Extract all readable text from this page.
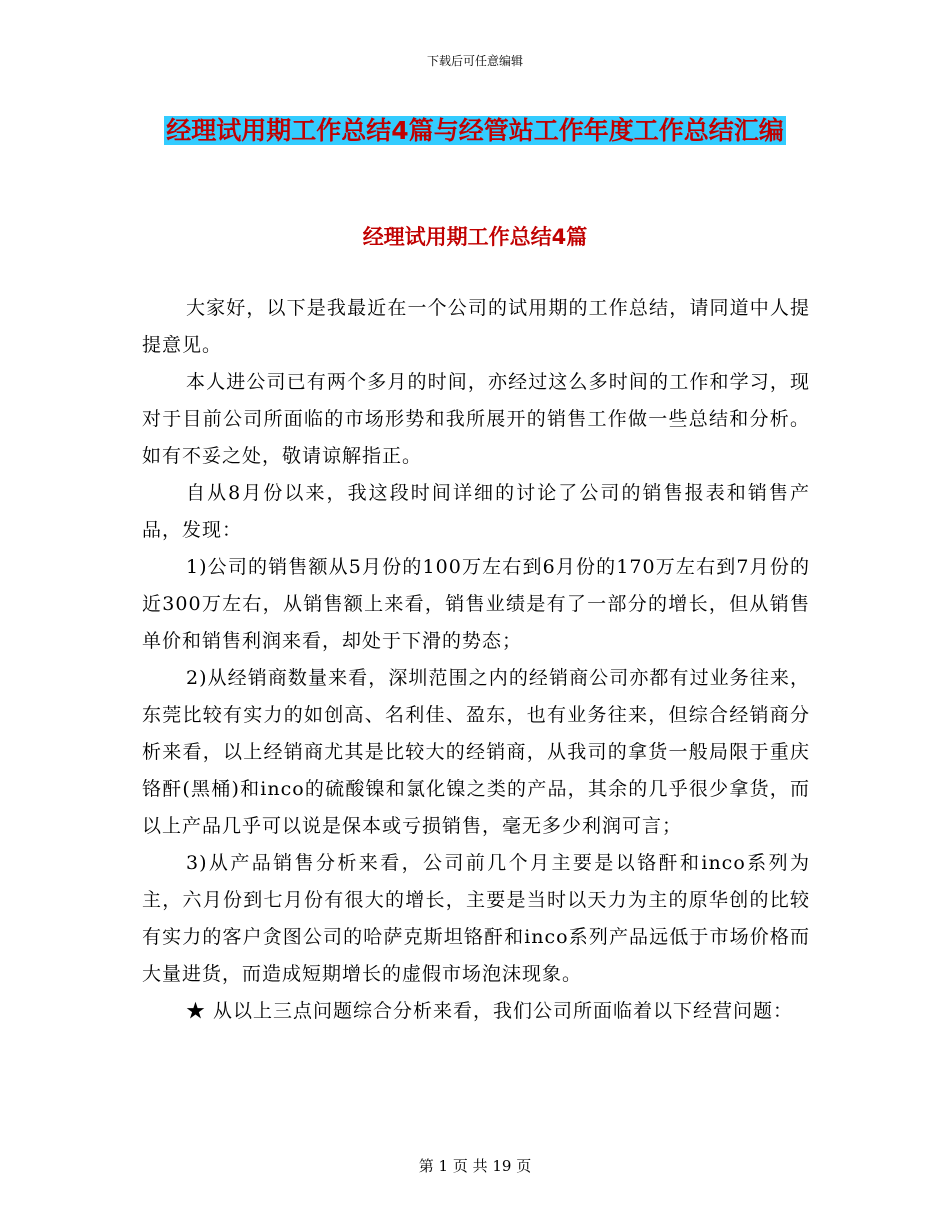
下载后可任意编辑

经理试用期工作总结4篇与经管站工作年度工作总结汇编
经理试用期工作总结4篇

大家好，以下是我最近在一个公司的试用期的工作总结，请同道中人提提意见。

本人进公司已有两个多月的时间，亦经过这么多时间的工作和学习，现对于目前公司所面临的市场形势和我所展开的销售工作做一些总结和分析。如有不妥之处，敬请谅解指正。

自从8月份以来，我这段时间详细的讨论了公司的销售报表和销售产品，发现：

1)公司的销售额从5月份的100万左右到6月份的170万左右到7月份的近300万左右，从销售额上来看，销售业绩是有了一部分的增长，但从销售单价和销售利润来看，却处于下滑的势态；

2)从经销商数量来看，深圳范围之内的经销商公司亦都有过业务往来，东莞比较有实力的如创高、名利佳、盈东，也有业务往来，但综合经销商分析来看，以上经销商尤其是比较大的经销商，从我司的拿货一般局限于重庆铬酐(黑桶)和inco的硫酸镍和氯化镍之类的产品，其余的几乎很少拿货，而以上产品几乎可以说是保本或亏损销售，毫无多少利润可言；

3)从产品销售分析来看，公司前几个月主要是以铬酐和inco系列为主，六月份到七月份有很大的增长，主要是当时以天力为主的原华创的比较有实力的客户贪图公司的哈萨克斯坦铬酐和inco系列产品远低于市场价格而大量进货，而造成短期增长的虚假市场泡沫现象。

★ 从以上三点问题综合分析来看，我们公司所面临着以下经营问题：

第 1 页 共 19 页
